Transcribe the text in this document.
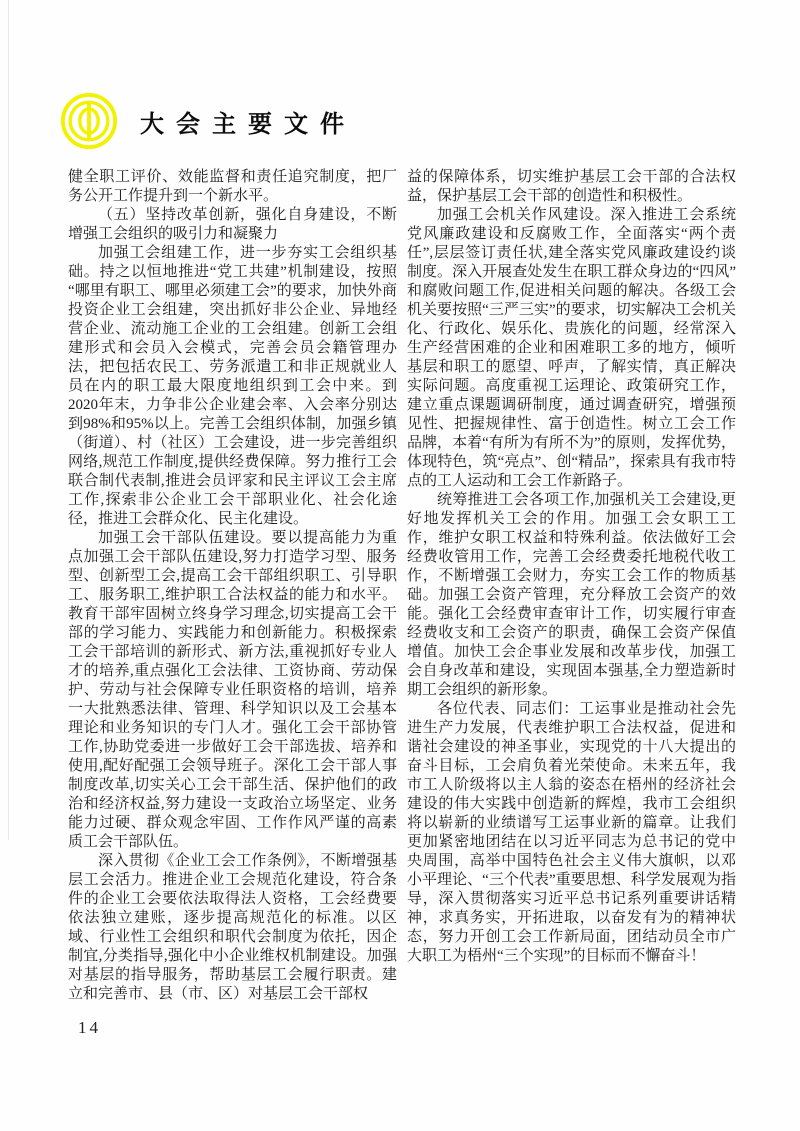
大会主要文件

健全职工评价、效能监督和责任追究制度，把厂务公开工作提升到一个新水平。

（五）坚持改革创新，强化自身建设，不断增强工会组织的吸引力和凝聚力

加强工会组建工作，进一步夯实工会组织基础。持之以恒地推进“党工共建”机制建设，按照“哪里有职工、哪里必须建工会”的要求，加快外商投资企业工会组建，突出抓好非公企业、异地经营企业、流动施工企业的工会组建。创新工会组建形式和会员入会模式，完善会员会籍管理办法，把包括农民工、劳务派遣工和非正规就业人员在内的职工最大限度地组织到工会中来。到2020年末，力争非公企业建会率、入会率分别达到98%和95%以上。完善工会组织体制，加强乡镇（街道）、村（社区）工会建设，进一步完善组织网络,规范工作制度,提供经费保障。努力推行工会联合制代表制,推进会员评家和民主评议工会主席工作,探索非公企业工会干部职业化、社会化途径，推进工会群众化、民主化建设。

加强工会干部队伍建设。要以提高能力为重点加强工会干部队伍建设,努力打造学习型、服务型、创新型工会,提高工会干部组织职工、引导职工、服务职工,维护职工合法权益的能力和水平。教育干部牢固树立终身学习理念,切实提高工会干部的学习能力、实践能力和创新能力。积极探索工会干部培训的新形式、新方法,重视抓好专业人才的培养,重点强化工会法律、工资协商、劳动保护、劳动与社会保障专业任职资格的培训，培养一大批熟悉法律、管理、科学知识以及工会基本理论和业务知识的专门人才。强化工会干部协管工作,协助党委进一步做好工会干部选拔、培养和使用,配好配强工会领导班子。深化工会干部人事制度改革,切实关心工会干部生活、保护他们的政治和经济权益,努力建设一支政治立场坚定、业务能力过硬、群众观念牢固、工作作风严谨的高素质工会干部队伍。

深入贯彻《企业工会工作条例》，不断增强基层工会活力。推进企业工会规范化建设，符合条件的企业工会要依法取得法人资格，工会经费要依法独立建账，逐步提高规范化的标准。以区域、行业性工会组织和职代会制度为依托，因企制宜,分类指导,强化中小企业维权机制建设。加强对基层的指导服务，帮助基层工会履行职责。建立和完善市、县（市、区）对基层工会干部权

益的保障体系，切实维护基层工会干部的合法权益，保护基层工会干部的创造性和积极性。

加强工会机关作风建设。深入推进工会系统党风廉政建设和反腐败工作，全面落实“两个责任”,层层签订责任状,建全落实党风廉政建设约谈制度。深入开展查处发生在职工群众身边的“四风”和腐败问题工作,促进相关问题的解决。各级工会机关要按照“三严三实”的要求，切实解决工会机关化、行政化、娱乐化、贵族化的问题，经常深入生产经营困难的企业和困难职工多的地方，倾听基层和职工的愿望、呼声，了解实情，真正解决实际问题。高度重视工运理论、政策研究工作，建立重点课题调研制度，通过调查研究，增强预见性、把握规律性、富于创造性。树立工会工作品牌，本着“有所为有所不为”的原则，发挥优势，体现特色，筑“亮点”、创“精品”，探索具有我市特点的工人运动和工会工作新路子。

统筹推进工会各项工作,加强机关工会建设,更好地发挥机关工会的作用。加强工会女职工工作，维护女职工权益和特殊利益。依法做好工会经费收管用工作，完善工会经费委托地税代收工作，不断增强工会财力，夯实工会工作的物质基础。加强工会资产管理，充分释放工会资产的效能。强化工会经费审查审计工作，切实履行审查经费收支和工会资产的职责，确保工会资产保值增值。加快工会企事业发展和改革步伐，加强工会自身改革和建设，实现固本强基,全力塑造新时期工会组织的新形象。

各位代表、同志们：工运事业是推动社会先进生产力发展，代表维护职工合法权益，促进和谐社会建设的神圣事业，实现党的十八大提出的奋斗目标，工会肩负着光荣使命。未来五年，我市工人阶级将以主人翁的姿态在梧州的经济社会建设的伟大实践中创造新的辉煌，我市工会组织将以崭新的业绩谱写工运事业新的篇章。让我们更加紧密地团结在以习近平同志为总书记的党中央周围，高举中国特色社会主义伟大旗帜，以邓小平理论、“三个代表”重要思想、科学发展观为指导，深入贯彻落实习近平总书记系列重要讲话精神，求真务实，开拓进取，以奋发有为的精神状态，努力开创工会工作新局面，团结动员全市广大职工为梧州“三个实现”的目标而不懈奋斗！

14
